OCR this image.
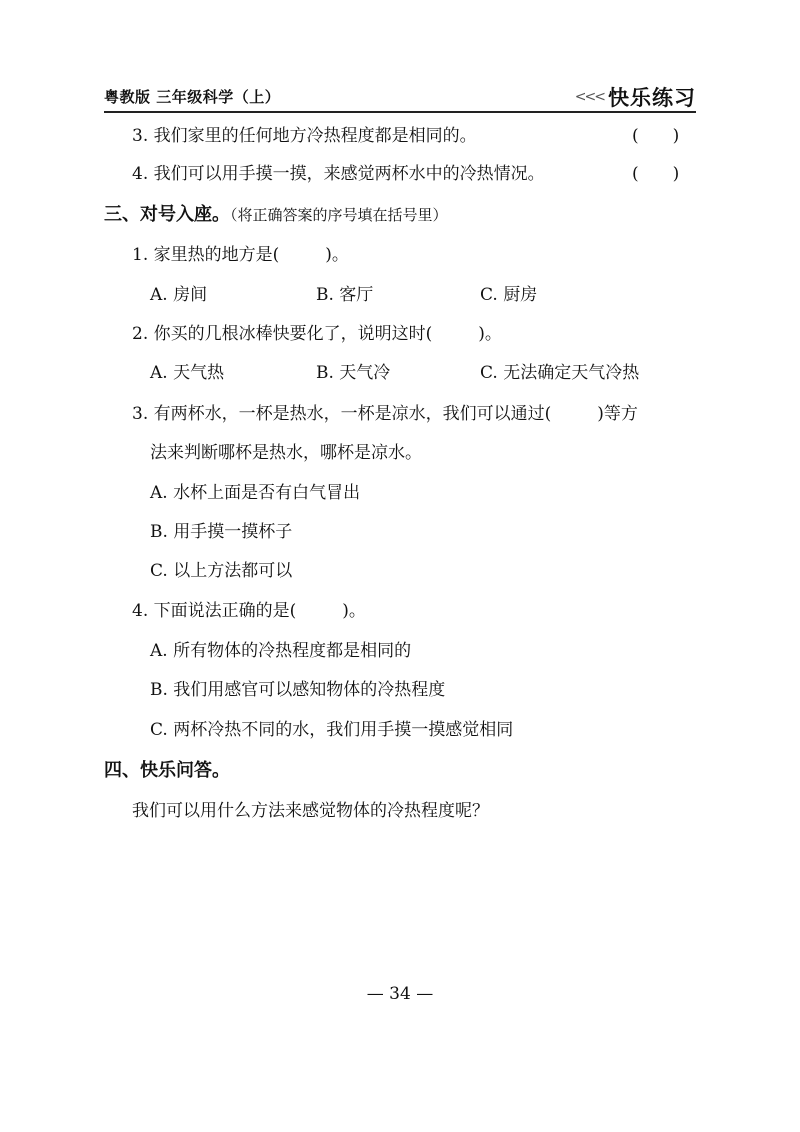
粤教版 三年级科学（上）	<<< 快乐练习
3. 我们家里的任何地方冷热程度都是相同的。	(　　)
4. 我们可以用手摸一摸，来感觉两杯水中的冷热情况。	(　　)
三、对号入座。（将正确答案的序号填在括号里）
1. 家里热的地方是(	)。
A. 房间	B. 客厅	C. 厨房
2. 你买的几根冰棒快要化了，说明这时(	)。
A. 天气热	B. 天气冷	C. 无法确定天气冷热
3. 有两杯水，一杯是热水，一杯是凉水，我们可以通过(	)等方
法来判断哪杯是热水，哪杯是凉水。
A. 水杯上面是否有白气冒出
B. 用手摸一摸杯子
C. 以上方法都可以
4. 下面说法正确的是(	)。
A. 所有物体的冷热程度都是相同的
B. 我们用感官可以感知物体的冷热程度
C. 两杯冷热不同的水，我们用手摸一摸感觉相同
四、快乐问答。
我们可以用什么方法来感觉物体的冷热程度呢？
— 34 —
